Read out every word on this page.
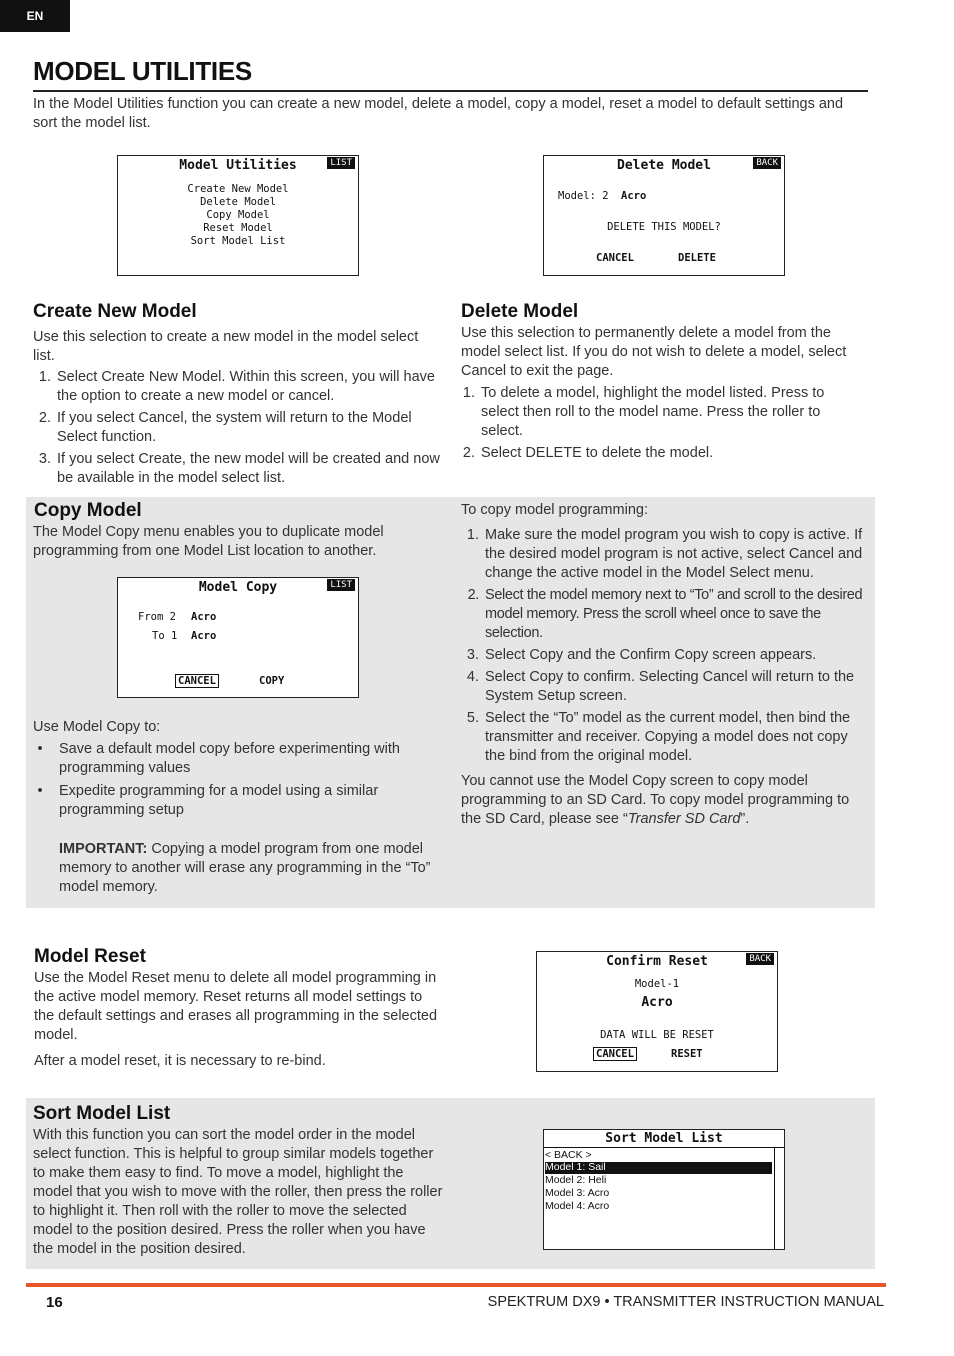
EN
MODEL UTILITIES
In the Model Utilities function you can create a new model, delete a model, copy a model, reset a model to default settings and sort the model list.
Model Utilities	LIST
Create New Model
Delete Model
Copy Model
Reset Model
Sort Model List
Delete Model	BACK
Model: 2 Acro
DELETE THIS MODEL?
CANCEL	DELETE
Create New Model
Use this selection to create a new model in the model select list.
1. Select Create New Model. Within this screen, you will have the option to create a new model or cancel.
2. If you select Cancel, the system will return to the Model Select function.
3. If you select Create, the new model will be created and now be available in the model select list.
Delete Model
Use this selection to permanently delete a model from the model select list. If you do not wish to delete a model, select Cancel to exit the page.
1. To delete a model, highlight the model listed. Press to select then roll to the model name. Press the roller to select.
2. Select DELETE to delete the model.
Copy Model
The Model Copy menu enables you to duplicate model programming from one Model List location to another.
Model Copy	LIST
From 2 Acro
To 1 Acro
CANCEL	COPY
Use Model Copy to:
•	Save a default model copy before experimenting with programming values
•	Expedite programming for a model using a similar programming setup
IMPORTANT: Copying a model program from one model memory to another will erase any programming in the “To” model memory.
To copy model programming:
1. Make sure the model program you wish to copy is active. If the desired model program is not active, select Cancel and change the active model in the Model Select menu.
2. Select the model memory next to “To” and scroll to the desired model memory. Press the scroll wheel once to save the selection.
3. Select Copy and the Confirm Copy screen appears.
4. Select Copy to confirm. Selecting Cancel will return to the System Setup screen.
5. Select the “To” model as the current model, then bind the transmitter and receiver. Copying a model does not copy the bind from the original model.
You cannot use the Model Copy screen to copy model programming to an SD Card. To copy model programming to the SD Card, please see “Transfer SD Card”.
Model Reset
Use the Model Reset menu to delete all model programming in the active model memory. Reset returns all model settings to the default settings and erases all programming in the selected model.
After a model reset, it is necessary to re-bind.
Confirm Reset	BACK
Model-1
Acro
DATA WILL BE RESET
CANCEL	RESET
Sort Model List
With this function you can sort the model order in the model select function. This is helpful to group similar models together to make them easy to find. To move a model, highlight the model that you wish to move with the roller, then press the roller to highlight it. Then roll with the roller to move the selected model to the position desired. Press the roller when you have the model in the position desired.
Sort Model List
< BACK >
Model 1: Sail
Model 2: Heli
Model 3: Acro
Model 4: Acro
16	SPEKTRUM DX9 • TRANSMITTER INSTRUCTION MANUAL
